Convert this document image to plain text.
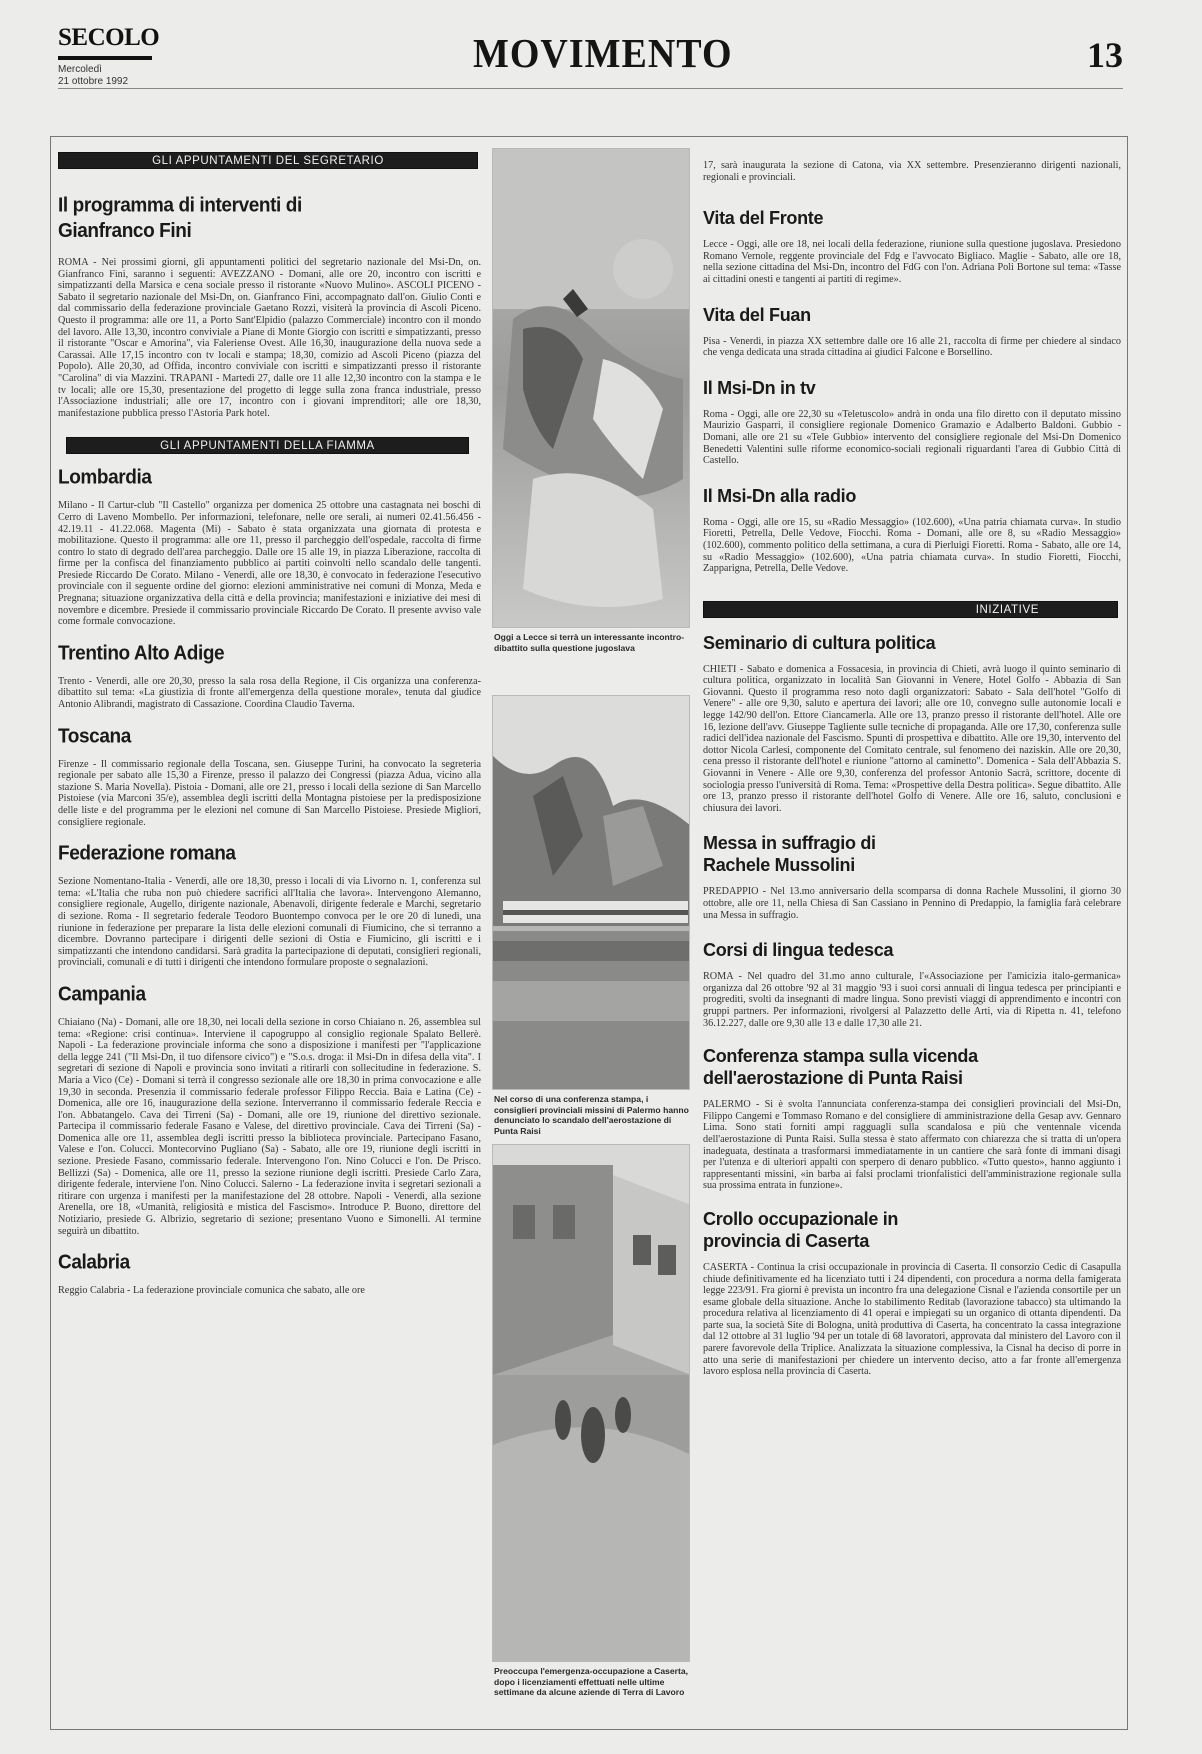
SECOLO
Mercoledì
21 ottobre 1992
MOVIMENTO	13
GLI APPUNTAMENTI DEL SEGRETARIO
Il programma di interventi di Gianfranco Fini

ROMA - Nei prossimi giorni, gli appuntamenti politici del segretario nazionale del Msi-Dn, on. Gianfranco Fini, saranno i seguenti: AVEZZANO - Domani, alle ore 20, incontro con iscritti e simpatizzanti della Marsica e cena sociale presso il ristorante «Nuovo Mulino». ASCOLI PICENO - Sabato il segretario nazionale del Msi-Dn, on. Gianfranco Fini, accompagnato dall'on. Giulio Conti e dal commissario della federazione provinciale Gaetano Rozzi, visiterà la provincia di Ascoli Piceno. Questo il programma: alle ore 11, a Porto Sant'Elpidio (palazzo Commerciale) incontro con il mondo del lavoro. Alle 13,30, incontro conviviale a Piane di Monte Giorgio con iscritti e simpatizzanti, presso il ristorante "Oscar e Amorina", via Faleriense Ovest. Alle 16,30, inaugurazione della nuova sede a Carassai. Alle 17,15 incontro con tv locali e stampa; 18,30, comizio ad Ascoli Piceno (piazza del Popolo). Alle 20,30, ad Offida, incontro conviviale con iscritti e simpatizzanti presso il ristorante "Carolina" di via Mazzini. TRAPANI - Martedì 27, dalle ore 11 alle 12,30 incontro con la stampa e le tv locali; alle ore 15,30, presentazione del progetto di legge sulla zona franca industriale, presso l'Associazione industriali; alle ore 17, incontro con i giovani imprenditori; alle ore 18,30, manifestazione pubblica presso l'Astoria Park hotel.

GLI APPUNTAMENTI DELLA FIAMMA
Lombardia

Milano - Il Cartur-club "Il Castello" organizza per domenica 25 ottobre una castagnata nei boschi di Cerro di Laveno Mombello. Per informazioni, telefonare, nelle ore serali, ai numeri 02.41.56.456 - 42.19.11 - 41.22.068. Magenta (Mi) - Sabato è stata organizzata una giornata di protesta e mobilitazione. Questo il programma: alle ore 11, presso il parcheggio dell'ospedale, raccolta di firme contro lo stato di degrado dell'area parcheggio. Dalle ore 15 alle 19, in piazza Liberazione, raccolta di firme per la confisca del finanziamento pubblico ai partiti coinvolti nello scandalo delle tangenti. Presiede Riccardo De Corato. Milano - Venerdì, alle ore 18,30, è convocato in federazione l'esecutivo provinciale con il seguente ordine del giorno: elezioni amministrative nei comuni di Monza, Meda e Pregnana; situazione organizzativa della città e della provincia; manifestazioni e iniziative dei mesi di novembre e dicembre. Presiede il commissario provinciale Riccardo De Corato. Il presente avviso vale come formale convocazione.

Trentino Alto Adige

Trento - Venerdì, alle ore 20,30, presso la sala rosa della Regione, il Cis organizza una conferenza-dibattito sul tema: «La giustizia di fronte all'emergenza della questione morale», tenuta dal giudice Antonio Alibrandi, magistrato di Cassazione. Coordina Claudio Taverna.

Toscana

Firenze - Il commissario regionale della Toscana, sen. Giuseppe Turini, ha convocato la segreteria regionale per sabato alle 15,30 a Firenze, presso il palazzo dei Congressi (piazza Adua, vicino alla stazione S. Maria Novella). Pistoia - Domani, alle ore 21, presso i locali della sezione di San Marcello Pistoiese (via Marconi 35/e), assemblea degli iscritti della Montagna pistoiese per la predisposizione delle liste e del programma per le elezioni nel comune di San Marcello Pistoiese. Presiede Migliori, consigliere regionale.

Federazione romana

Sezione Nomentano-Italia - Venerdì, alle ore 18,30, presso i locali di via Livorno n. 1, conferenza sul tema: «L'Italia che ruba non può chiedere sacrifici all'Italia che lavora». Intervengono Alemanno, consigliere regionale, Augello, dirigente nazionale, Abenavoli, dirigente federale e Marchi, segretario di sezione. Roma - Il segretario federale Teodoro Buontempo convoca per le ore 20 di lunedì, una riunione in federazione per preparare la lista delle elezioni comunali di Fiumicino, che si terranno a dicembre. Dovranno partecipare i dirigenti delle sezioni di Ostia e Fiumicino, gli iscritti e i simpatizzanti che intendono candidarsi. Sarà gradita la partecipazione di deputati, consiglieri regionali, provinciali, comunali e di tutti i dirigenti che intendono formulare proposte o segnalazioni.

Campania

Chiaiano (Na) - Domani, alle ore 18,30, nei locali della sezione in corso Chiaiano n. 26, assemblea sul tema: «Regione: crisi continua». Interviene il capogruppo al consiglio regionale Spalato Bellerè. Napoli - La federazione provinciale informa che sono a disposizione i manifesti per "l'applicazione della legge 241 ("Il Msi-Dn, il tuo difensore civico") e "S.o.s. droga: il Msi-Dn in difesa della vita". I segretari di sezione di Napoli e provincia sono invitati a ritirarli con sollecitudine in federazione. S. Maria a Vico (Ce) - Domani si terrà il congresso sezionale alle ore 18,30 in prima convocazione e alle 19,30 in seconda. Presenzia il commissario federale professor Filippo Reccia. Baia e Latina (Ce) - Domenica, alle ore 16, inaugurazione della sezione. Interverranno il commissario federale Reccia e l'on. Abbatangelo. Cava dei Tirreni (Sa) - Domani, alle ore 19, riunione del direttivo sezionale. Partecipa il commissario federale Fasano e Valese, del direttivo provinciale. Cava dei Tirreni (Sa) - Domenica alle ore 11, assemblea degli iscritti presso la biblioteca provinciale. Partecipano Fasano, Valese e l'on. Colucci. Montecorvino Pugliano (Sa) - Sabato, alle ore 19, riunione degli iscritti in sezione. Presiede Fasano, commissario federale. Intervengono l'on. Nino Colucci e l'on. De Prisco. Bellizzi (Sa) - Domenica, alle ore 11, presso la sezione riunione degli iscritti. Presiede Carlo Zara, dirigente federale, interviene l'on. Nino Colucci. Salerno - La federazione invita i segretari sezionali a ritirare con urgenza i manifesti per la manifestazione del 28 ottobre. Napoli - Venerdì, alla sezione Arenella, ore 18, «Umanità, religiosità e mistica del Fascismo». Introduce P. Buono, direttore del Notiziario, presiede G. Albrizio, segretario di sezione; presentano Vuono e Simonelli. Al termine seguirà un dibattito.

Calabria

Reggio Calabria - La federazione provinciale comunica che sabato, alle ore

Oggi a Lecce si terrà un interessante incontro-dibattito sulla questione jugoslava
Nel corso di una conferenza stampa, i consiglieri provinciali missini di Palermo hanno denunciato lo scandalo dell'aerostazione di Punta Raisi
Preoccupa l'emergenza-occupazione a Caserta, dopo i licenziamenti effettuati nelle ultime settimane da alcune aziende di Terra di Lavoro

17, sarà inaugurata la sezione di Catona, via XX settembre. Presenzieranno dirigenti nazionali, regionali e provinciali.

Vita del Fronte

Lecce - Oggi, alle ore 18, nei locali della federazione, riunione sulla questione jugoslava. Presiedono Romano Vernole, reggente provinciale del Fdg e l'avvocato Bigliaco. Maglie - Sabato, alle ore 18, nella sezione cittadina del Msi-Dn, incontro del FdG con l'on. Adriana Poli Bortone sul tema: «Tasse ai cittadini onesti e tangenti ai partiti di regime».

Vita del Fuan

Pisa - Venerdì, in piazza XX settembre dalle ore 16 alle 21, raccolta di firme per chiedere al sindaco che venga dedicata una strada cittadina ai giudici Falcone e Borsellino.

Il Msi-Dn in tv

Roma - Oggi, alle ore 22,30 su «Teletuscolo» andrà in onda una filo diretto con il deputato missino Maurizio Gasparri, il consigliere regionale Domenico Gramazio e Adalberto Baldoni. Gubbio - Domani, alle ore 21 su «Tele Gubbio» intervento del consigliere regionale del Msi-Dn Domenico Benedetti Valentini sulle riforme economico-sociali regionali riguardanti l'area di Gubbio Città di Castello.

Il Msi-Dn alla radio

Roma - Oggi, alle ore 15, su «Radio Messaggio» (102.600), «Una patria chiamata curva». In studio Fioretti, Petrella, Delle Vedove, Fiocchi. Roma - Domani, alle ore 8, su «Radio Messaggio» (102.600), commento politico della settimana, a cura di Pierluigi Fioretti. Roma - Sabato, alle ore 14, su «Radio Messaggio» (102.600), «Una patria chiamata curva». In studio Fioretti, Fiocchi, Zapparigna, Petrella, Delle Vedove.

INIZIATIVE
Seminario di cultura politica

CHIETI - Sabato e domenica a Fossacesia, in provincia di Chieti, avrà luogo il quinto seminario di cultura politica, organizzato in località San Giovanni in Venere, Hotel Golfo - Abbazia di San Giovanni. Questo il programma reso noto dagli organizzatori: Sabato - Sala dell'hotel "Golfo di Venere" - alle ore 9,30, saluto e apertura dei lavori; alle ore 10, convegno sulle autonomie locali e legge 142/90 dell'on. Ettore Ciancamerla. Alle ore 13, pranzo presso il ristorante dell'hotel. Alle ore 16, lezione dell'avv. Giuseppe Tagliente sulle tecniche di propaganda. Alle ore 17,30, conferenza sulle radici dell'idea nazionale del Fascismo. Spunti di prospettiva e dibattito. Alle ore 19,30, intervento del dottor Nicola Carlesi, componente del Comitato centrale, sul fenomeno dei naziskin. Alle ore 20,30, cena presso il ristorante dell'hotel e riunione "attorno al caminetto". Domenica - Sala dell'Abbazia S. Giovanni in Venere - Alle ore 9,30, conferenza del professor Antonio Sacrà, scrittore, docente di sociologia presso l'università di Roma. Tema: «Prospettive della Destra politica». Segue dibattito. Alle ore 13, pranzo presso il ristorante dell'hotel Golfo di Venere. Alle ore 16, saluto, conclusioni e chiusura dei lavori.

Messa in suffragio di Rachele Mussolini

PREDAPPIO - Nel 13.mo anniversario della scomparsa di donna Rachele Mussolini, il giorno 30 ottobre, alle ore 11, nella Chiesa di San Cassiano in Pennino di Predappio, la famiglia farà celebrare una Messa in suffragio.

Corsi di lingua tedesca

ROMA - Nel quadro del 31.mo anno culturale, l'«Associazione per l'amicizia italo-germanica» organizza dal 26 ottobre '92 al 31 maggio '93 i suoi corsi annuali di lingua tedesca per principianti e progrediti, svolti da insegnanti di madre lingua. Sono previsti viaggi di apprendimento e incontri con gruppi partners. Per informazioni, rivolgersi al Palazzetto delle Arti, via di Ripetta n. 41, telefono 36.12.227, dalle ore 9,30 alle 13 e dalle 17,30 alle 21.

Conferenza stampa sulla vicenda dell'aerostazione di Punta Raisi

PALERMO - Si è svolta l'annunciata conferenza-stampa dei consiglieri provinciali del Msi-Dn, Filippo Cangemi e Tommaso Romano e del consigliere di amministrazione della Gesap avv. Gennaro Lima. Sono stati forniti ampi ragguagli sulla scandalosa e più che ventennale vicenda dell'aerostazione di Punta Raisi. Sulla stessa è stato affermato con chiarezza che si tratta di un'opera inadeguata, destinata a trasformarsi immediatamente in un cantiere che sarà fonte di immani disagi per l'utenza e di ulteriori appalti con sperpero di denaro pubblico. «Tutto questo», hanno aggiunto i rappresentanti missini, «in barba ai falsi proclami trionfalistici dell'amministrazione regionale sulla sua prossima entrata in funzione».

Crollo occupazionale in provincia di Caserta

CASERTA - Continua la crisi occupazionale in provincia di Caserta. Il consorzio Cedic di Casapulla chiude definitivamente ed ha licenziato tutti i 24 dipendenti, con procedura a norma della famigerata legge 223/91. Fra giorni è prevista un incontro fra una delegazione Cisnal e l'azienda consortile per un esame globale della situazione. Anche lo stabilimento Reditab (lavorazione tabacco) sta ultimando la procedura relativa al licenziamento di 41 operai e impiegati su un organico di ottanta dipendenti. Da parte sua, la società Site di Bologna, unità produttiva di Caserta, ha concentrato la cassa integrazione dal 12 ottobre al 31 luglio '94 per un totale di 68 lavoratori, approvata dal ministero del Lavoro con il parere favorevole della Triplice. Analizzata la situazione complessiva, la Cisnal ha deciso di porre in atto una serie di manifestazioni per chiedere un intervento deciso, atto a far fronte all'emergenza lavoro esplosa nella provincia di Caserta.
